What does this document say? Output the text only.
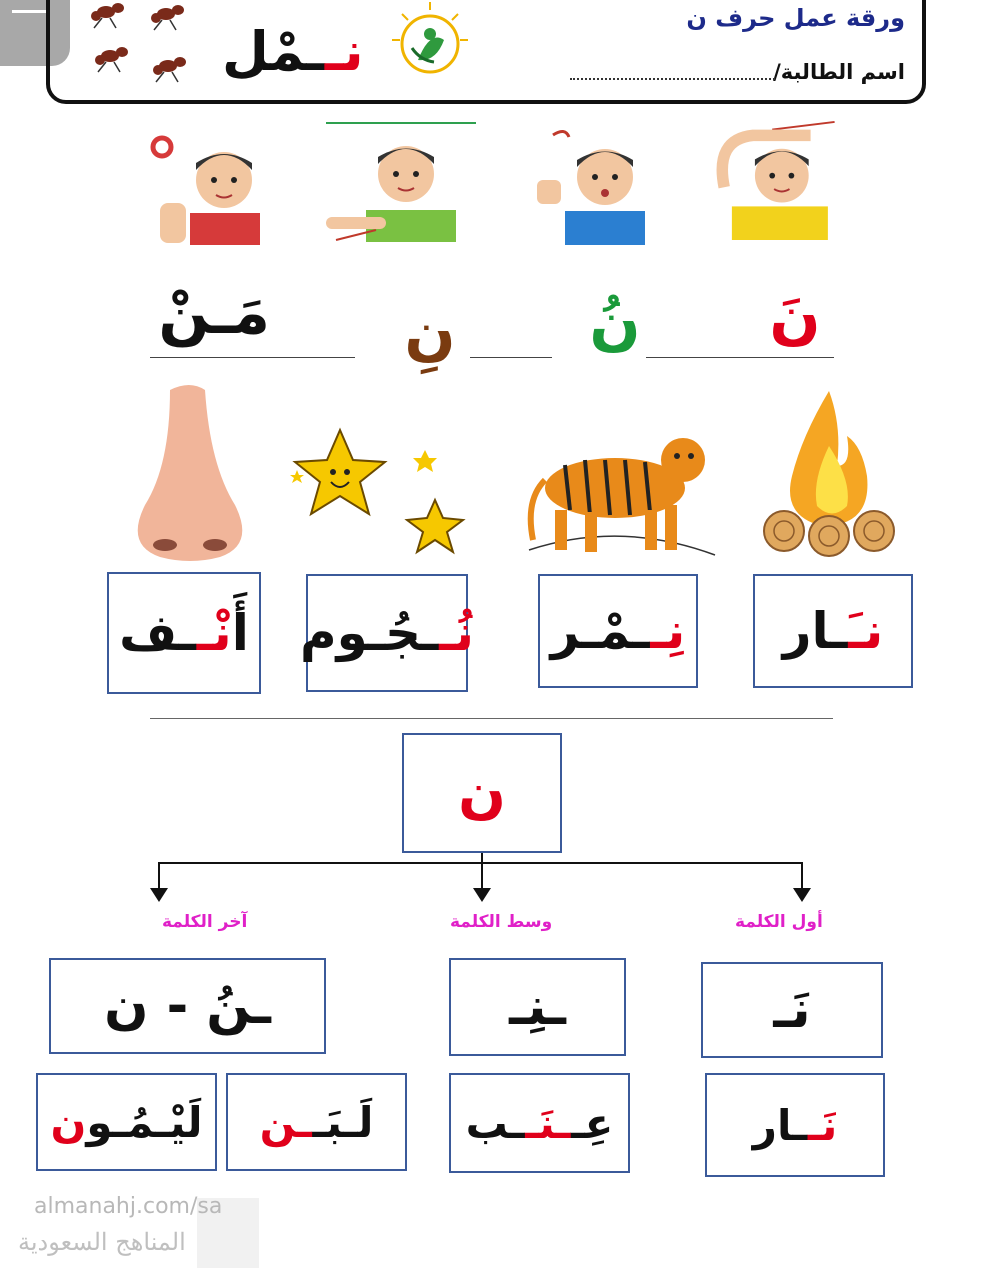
ورقة عمل حرف ن
اسم الطالبة/
نــمْل
نَ
نُ
نِ
مَـنْ
نـَ
ـار
نِـ
ـمْـر
نُـ
ـجُـوم
أَ
نْـ
ـف
ن
أول الكلمة
وسط الكلمة
آخر الكلمة
نَـ
ـنِـ
ـنُ - ن
نَـ
ـار
عِـ
ـنَـ
ـب
لَـبَـ
ـن
لَيْـمُـو
ن
almanahj.com/sa
المناهج السعودية
